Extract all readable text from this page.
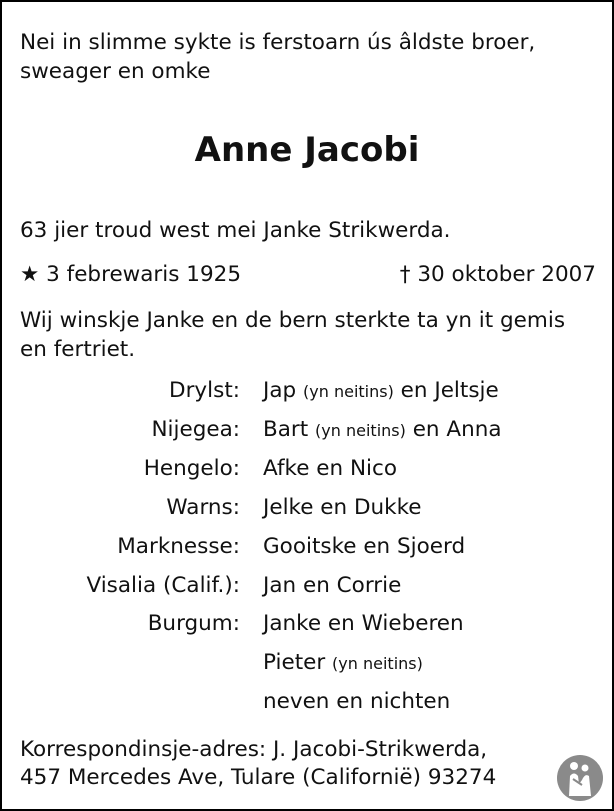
Nei in slimme sykte is ferstoarn ús âldste broer,
sweager en omke
Anne Jacobi
63 jier troud west mei Janke Strikwerda.
★ 3 febrewaris 1925	† 30 oktober 2007
Wij winskje Janke en de bern sterkte ta yn it gemis
en fertriet.
Drylst: Jap (yn neitins) en Jeltsje
Nijegea: Bart (yn neitins) en Anna
Hengelo: Afke en Nico
Warns: Jelke en Dukke
Marknesse: Gooitske en Sjoerd
Visalia (Calif.): Jan en Corrie
Burgum: Janke en Wieberen
Pieter (yn neitins)
neven en nichten
Korrespondinsje-adres: J. Jacobi-Strikwerda,
457 Mercedes Ave, Tulare (Californië) 93274
